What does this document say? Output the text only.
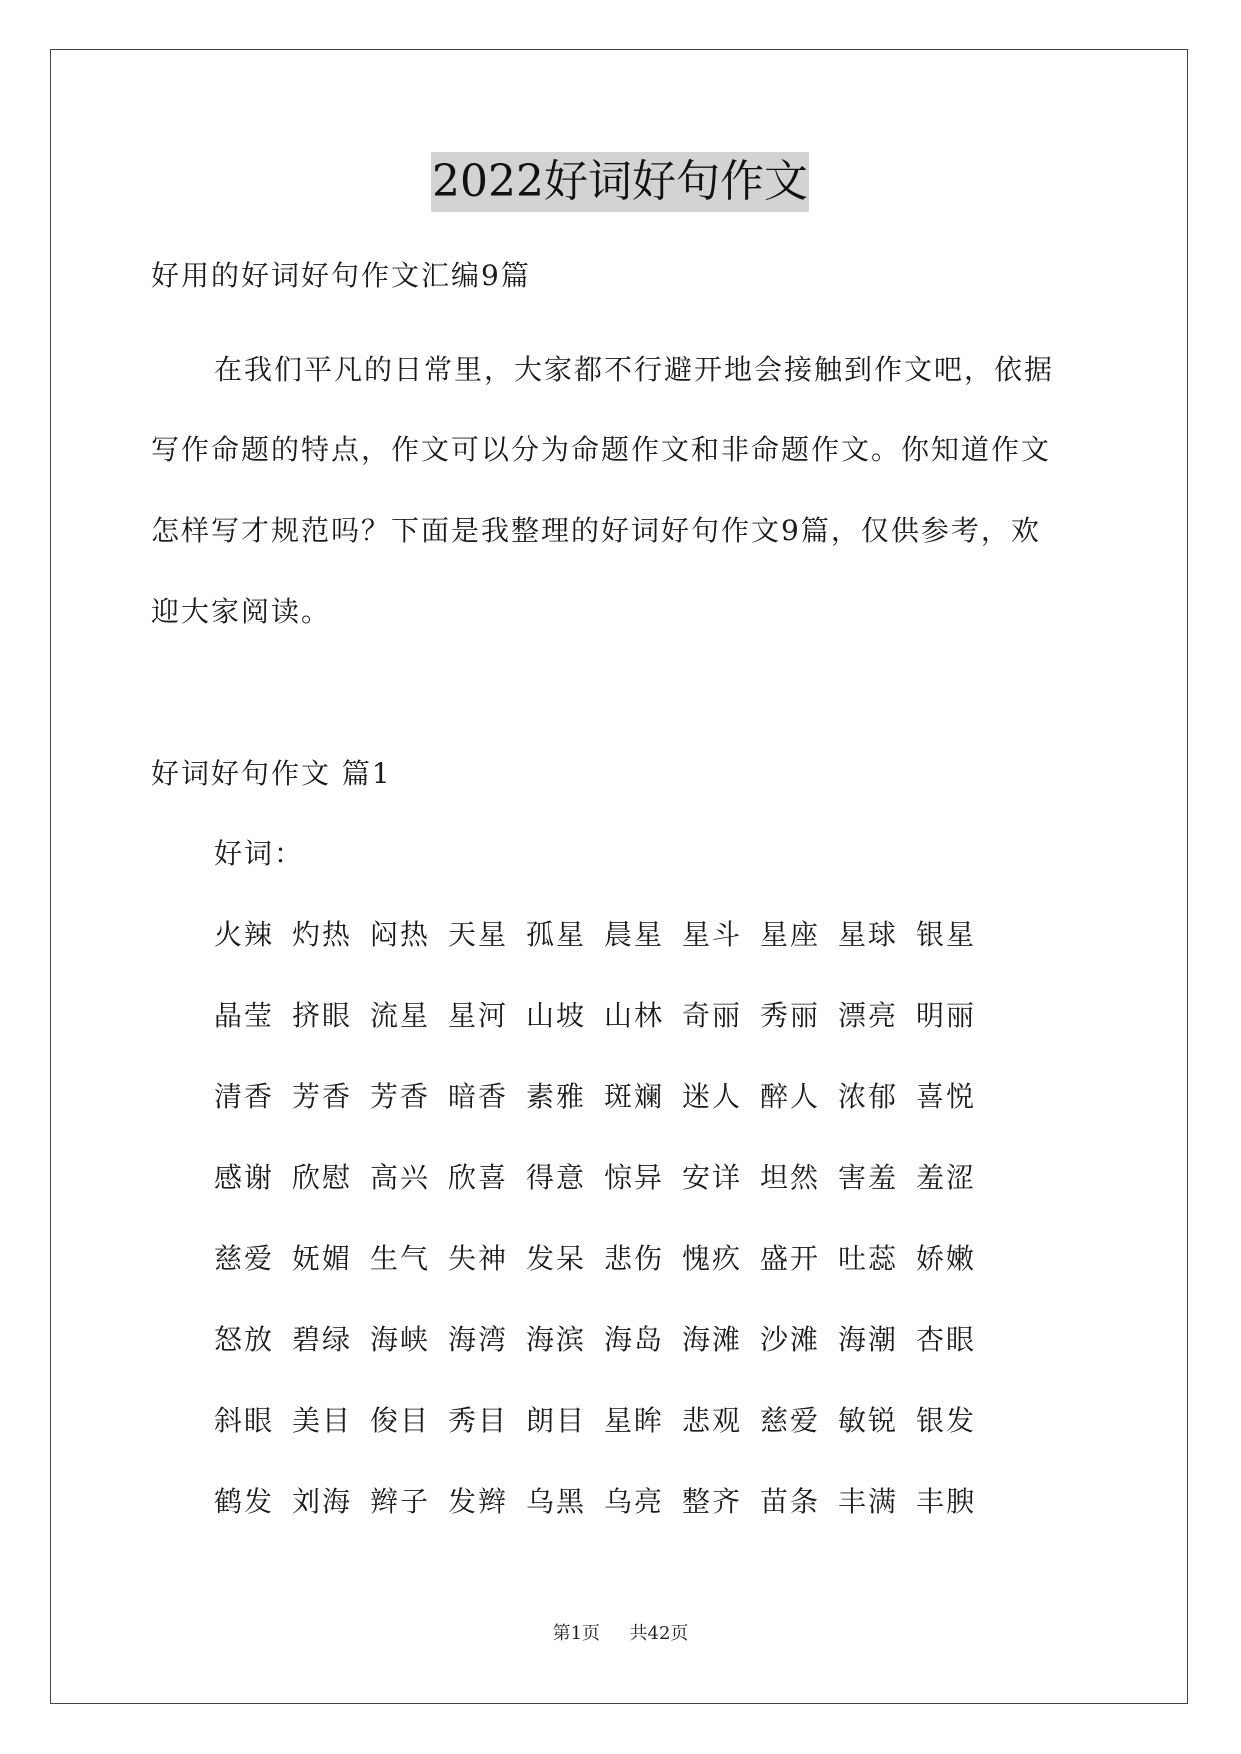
2022好词好句作文
好用的好词好句作文汇编9篇
在我们平凡的日常里，大家都不行避开地会接触到作文吧，依据
写作命题的特点，作文可以分为命题作文和非命题作文。你知道作文
怎样写才规范吗？下面是我整理的好词好句作文9篇，仅供参考，欢
迎大家阅读。
好词好句作文 篇1
好词：
火辣 灼热 闷热 天星 孤星 晨星 星斗 星座 星球 银星
晶莹 挤眼 流星 星河 山坡 山林 奇丽 秀丽 漂亮 明丽
清香 芳香 芳香 暗香 素雅 斑斓 迷人 醉人 浓郁 喜悦
感谢 欣慰 高兴 欣喜 得意 惊异 安详 坦然 害羞 羞涩
慈爱 妩媚 生气 失神 发呆 悲伤 愧疚 盛开 吐蕊 娇嫩
怒放 碧绿 海峡 海湾 海滨 海岛 海滩 沙滩 海潮 杏眼
斜眼 美目 俊目 秀目 朗目 星眸 悲观 慈爱 敏锐 银发
鹤发 刘海 辫子 发辫 乌黑 乌亮 整齐 苗条 丰满 丰腴
第1页 共42页
